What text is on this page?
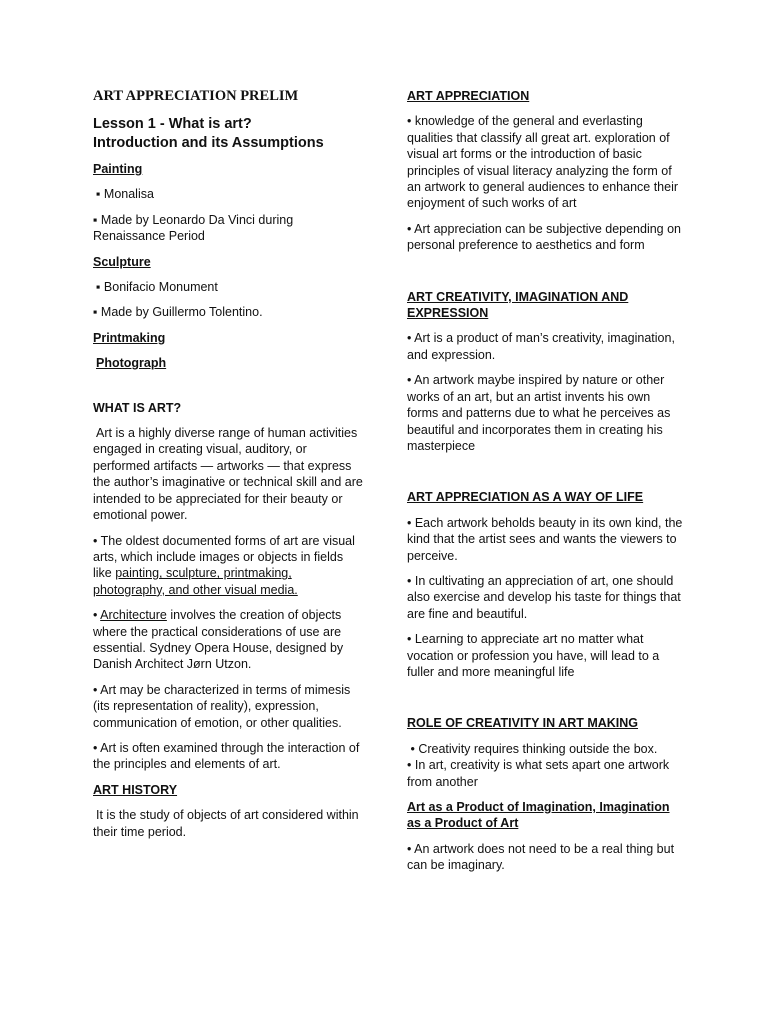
ART APPRECIATION PRELIM

Lesson 1 - What is art?
Introduction and its Assumptions

Painting

▪ Monalisa

▪ Made by Leonardo Da Vinci during Renaissance Period

Sculpture

▪ Bonifacio Monument

▪ Made by Guillermo Tolentino.

Printmaking

Photograph

WHAT IS ART?

Art is a highly diverse range of human activities engaged in creating visual, auditory, or performed artifacts — artworks — that express the author’s imaginative or technical skill and are intended to be appreciated for their beauty or emotional power.

• The oldest documented forms of art are visual arts, which include images or objects in fields like painting, sculpture, printmaking, photography, and other visual media.

• Architecture involves the creation of objects where the practical considerations of use are essential. Sydney Opera House, designed by Danish Architect Jørn Utzon.

• Art may be characterized in terms of mimesis (its representation of reality), expression, communication of emotion, or other qualities.

• Art is often examined through the interaction of the principles and elements of art.

ART HISTORY

It is the study of objects of art considered within their time period.

ART APPRECIATION

• knowledge of the general and everlasting qualities that classify all great art. exploration of visual art forms or the introduction of basic principles of visual literacy analyzing the form of an artwork to general audiences to enhance their enjoyment of such works of art

• Art appreciation can be subjective depending on personal preference to aesthetics and form

ART CREATIVITY, IMAGINATION AND EXPRESSION

• Art is a product of man’s creativity, imagination, and expression.

• An artwork maybe inspired by nature or other works of an art, but an artist invents his own forms and patterns due to what he perceives as beautiful and incorporates them in creating his masterpiece

ART APPRECIATION AS A WAY OF LIFE

• Each artwork beholds beauty in its own kind, the kind that the artist sees and wants the viewers to perceive.

• In cultivating an appreciation of art, one should also exercise and develop his taste for things that are fine and beautiful.

• Learning to appreciate art no matter what vocation or profession you have, will lead to a fuller and more meaningful life

ROLE OF CREATIVITY IN ART MAKING

• Creativity requires thinking outside the box.

• In art, creativity is what sets apart one artwork from another

Art as a Product of Imagination, Imagination as a Product of Art

• An artwork does not need to be a real thing but can be imaginary.
